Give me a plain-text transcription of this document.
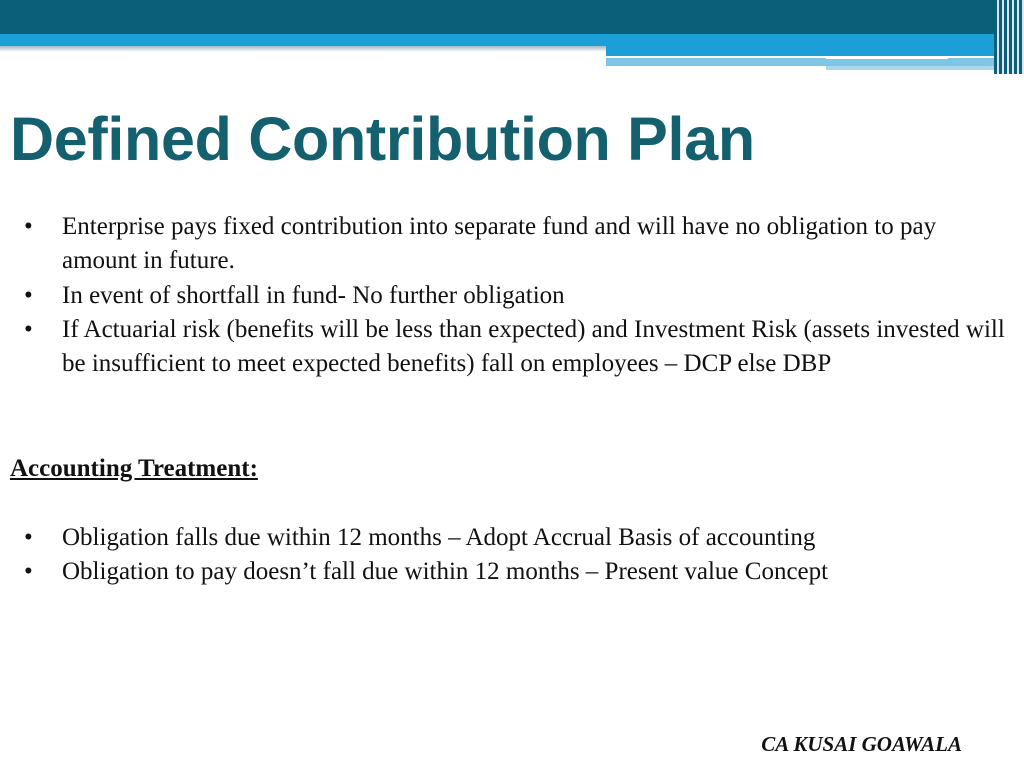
Defined Contribution Plan
• Enterprise pays fixed contribution into separate fund and will have no obligation to pay amount in future.
• In event of shortfall in fund- No further obligation
• If Actuarial risk (benefits will be less than expected) and Investment Risk (assets invested will be insufficient to meet expected benefits) fall on employees – DCP else DBP
Accounting Treatment:
• Obligation falls due within 12 months – Adopt Accrual Basis of accounting
• Obligation to pay doesn’t fall due within 12 months – Present value Concept
CA KUSAI GOAWALA
